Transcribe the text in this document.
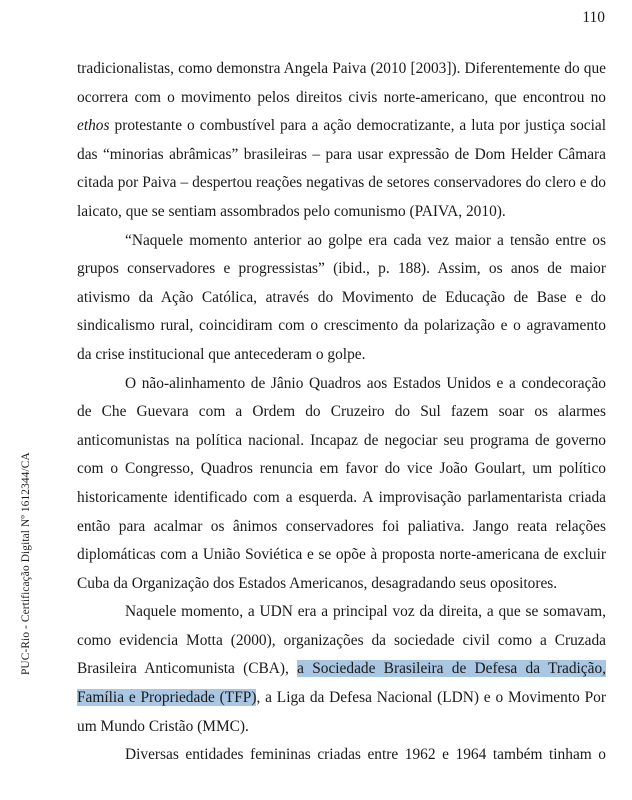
110
PUC-Rio - Certificação Digital Nº 1612344/CA

tradicionalistas, como demonstra Angela Paiva (2010 [2003]). Diferentemente do que ocorrera com o movimento pelos direitos civis norte-americano, que encontrou no ethos protestante o combustível para a ação democratizante, a luta por justiça social das “minorias abrâmicas” brasileiras – para usar expressão de Dom Helder Câmara citada por Paiva – despertou reações negativas de setores conservadores do clero e do laicato, que se sentiam assombrados pelo comunismo (PAIVA, 2010).

“Naquele momento anterior ao golpe era cada vez maior a tensão entre os grupos conservadores e progressistas” (ibid., p. 188). Assim, os anos de maior ativismo da Ação Católica, através do Movimento de Educação de Base e do sindicalismo rural, coincidiram com o crescimento da polarização e o agravamento da crise institucional que antecederam o golpe.

O não-alinhamento de Jânio Quadros aos Estados Unidos e a condecoração de Che Guevara com a Ordem do Cruzeiro do Sul fazem soar os alarmes anticomunistas na política nacional. Incapaz de negociar seu programa de governo com o Congresso, Quadros renuncia em favor do vice João Goulart, um político historicamente identificado com a esquerda. A improvisação parlamentarista criada então para acalmar os ânimos conservadores foi paliativa. Jango reata relações diplomáticas com a União Soviética e se opõe à proposta norte-americana de excluir Cuba da Organização dos Estados Americanos, desagradando seus opositores.

Naquele momento, a UDN era a principal voz da direita, a que se somavam, como evidencia Motta (2000), organizações da sociedade civil como a Cruzada Brasileira Anticomunista (CBA), a Sociedade Brasileira de Defesa da Tradição, Família e Propriedade (TFP), a Liga da Defesa Nacional (LDN) e o Movimento Por um Mundo Cristão (MMC).

Diversas entidades femininas criadas entre 1962 e 1964 também tinham o
